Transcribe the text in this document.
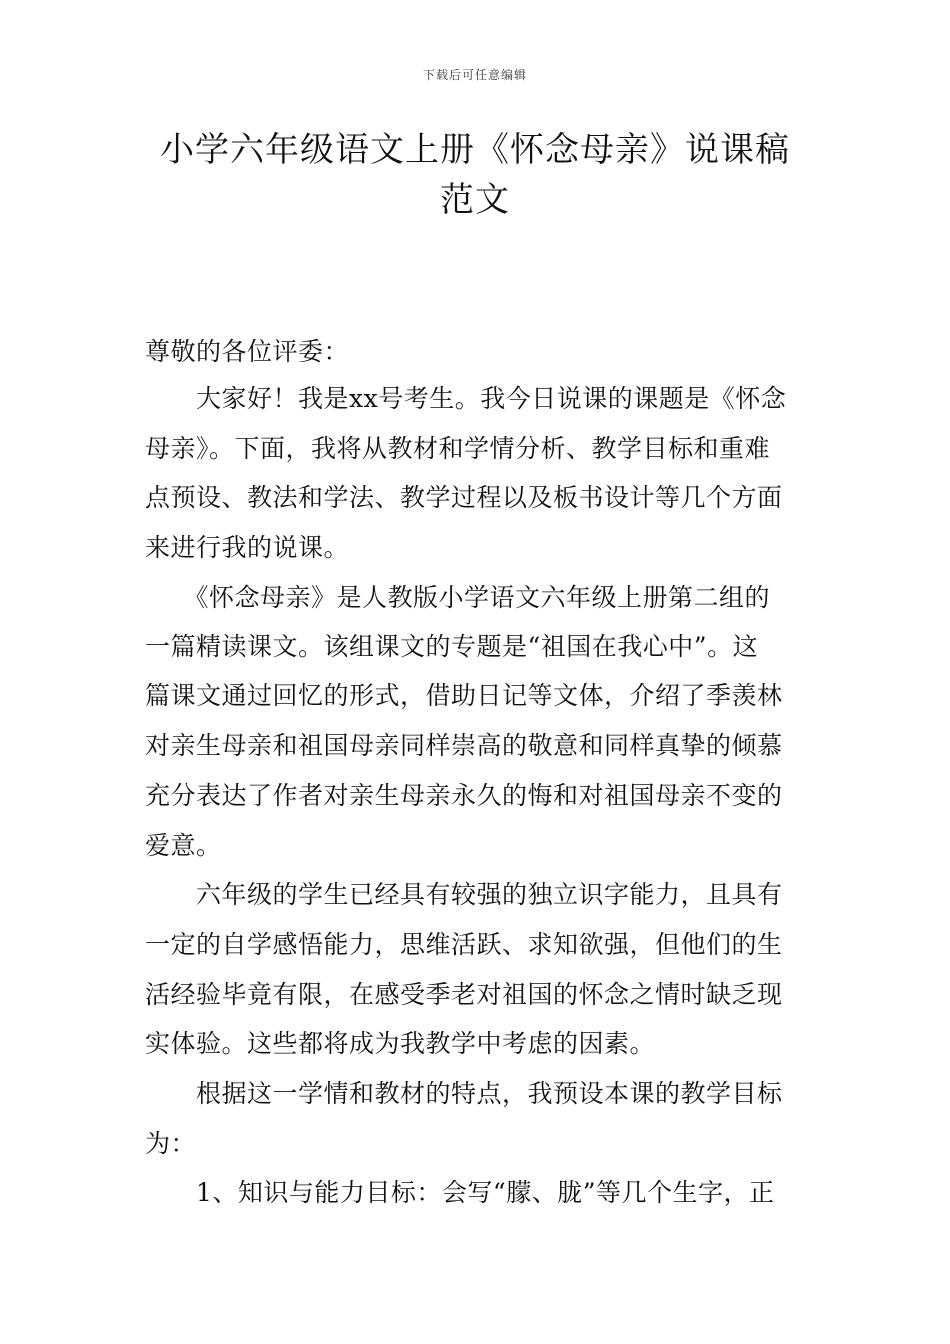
下载后可任意编辑
小学六年级语文上册《怀念母亲》说课稿
范文
尊敬的各位评委：
　　大家好！我是xx号考生。我今日说课的课题是《怀念
母亲》。下面，我将从教材和学情分析、教学目标和重难
点预设、教法和学法、教学过程以及板书设计等几个方面
来进行我的说课。
　　《怀念母亲》是人教版小学语文六年级上册第二组的
一篇精读课文。该组课文的专题是“祖国在我心中”。这
篇课文通过回忆的形式，借助日记等文体，介绍了季羡林
对亲生母亲和祖国母亲同样崇高的敬意和同样真挚的倾慕
充分表达了作者对亲生母亲永久的悔和对祖国母亲不变的
爱意。
　　六年级的学生已经具有较强的独立识字能力，且具有
一定的自学感悟能力，思维活跃、求知欲强，但他们的生
活经验毕竟有限，在感受季老对祖国的怀念之情时缺乏现
实体验。这些都将成为我教学中考虑的因素。
　　根据这一学情和教材的特点，我预设本课的教学目标
为：
　　1、知识与能力目标：会写“朦、胧”等几个生字，正
